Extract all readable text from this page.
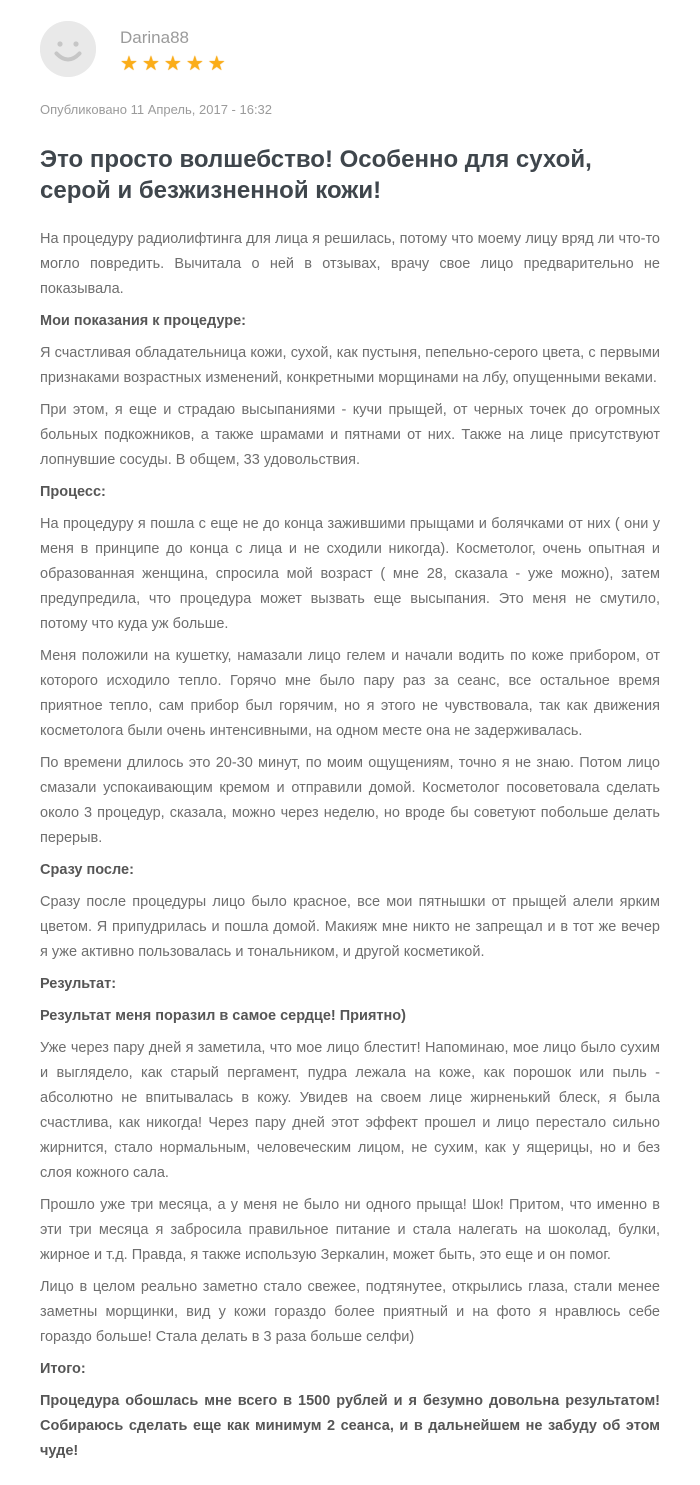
Darina88
★ ★ ★ ★ ★
Опубликовано 11 Апрель, 2017 - 16:32
Это просто волшебство! Особенно для сухой, серой и безжизненной кожи!

На процедуру радиолифтинга для лица я решилась, потому что моему лицу вряд ли что-то могло повредить. Вычитала о ней в отзывах, врачу свое лицо предварительно не показывала.

Мои показания к процедуре:

Я счастливая обладательница кожи, сухой, как пустыня, пепельно-серого цвета, с первыми признаками возрастных изменений, конкретными морщинами на лбу, опущенными веками.

При этом, я еще и страдаю высыпаниями - кучи прыщей, от черных точек до огромных больных подкожников, а также шрамами и пятнами от них. Также на лице присутствуют лопнувшие сосуды. В общем, 33 удовольствия.

Процесс:

На процедуру я пошла с еще не до конца зажившими прыщами и болячками от них ( они у меня в принципе до конца с лица и не сходили никогда). Косметолог, очень опытная и образованная женщина, спросила мой возраст ( мне 28, сказала - уже можно), затем предупредила, что процедура может вызвать еще высыпания. Это меня не смутило, потому что куда уж больше.

Меня положили на кушетку, намазали лицо гелем и начали водить по коже прибором, от которого исходило тепло. Горячо мне было пару раз за сеанс, все остальное время приятное тепло, сам прибор был горячим, но я этого не чувствовала, так как движения косметолога были очень интенсивными, на одном месте она не задерживалась.

По времени длилось это 20-30 минут, по моим ощущениям, точно я не знаю. Потом лицо смазали успокаивающим кремом и отправили домой. Косметолог посоветовала сделать около 3 процедур, сказала, можно через неделю, но вроде бы советуют побольше делать перерыв.

Сразу после:

Сразу после процедуры лицо было красное, все мои пятнышки от прыщей алели ярким цветом. Я припудрилась и пошла домой. Макияж мне никто не запрещал и в тот же вечер я уже активно пользовалась и тональником, и другой косметикой.

Результат:

Результат меня поразил в самое сердце! Приятно)

Уже через пару дней я заметила, что мое лицо блестит! Напоминаю, мое лицо было сухим и выглядело, как старый пергамент, пудра лежала на коже, как порошок или пыль - абсолютно не впитывалась в кожу. Увидев на своем лице жирненький блеск, я была счастлива, как никогда! Через пару дней этот эффект прошел и лицо перестало сильно жирнится, стало нормальным, человеческим лицом, не сухим, как у ящерицы, но и без слоя кожного сала.

Прошло уже три месяца, а у меня не было ни одного прыща! Шок! Притом, что именно в эти три месяца я забросила правильное питание и стала налегать на шоколад, булки, жирное и т.д. Правда, я также использую Зеркалин, может быть, это еще и он помог.

Лицо в целом реально заметно стало свежее, подтянутее, открылись глаза, стали менее заметны морщинки, вид у кожи гораздо более приятный и на фото я нравлюсь себе гораздо больше! Стала делать в 3 раза больше селфи)

Итого:

Процедура обошлась мне всего в 1500 рублей и я безумно довольна результатом! Собираюсь сделать еще как минимум 2 сеанса, и в дальнейшем не забуду об этом чуде!
